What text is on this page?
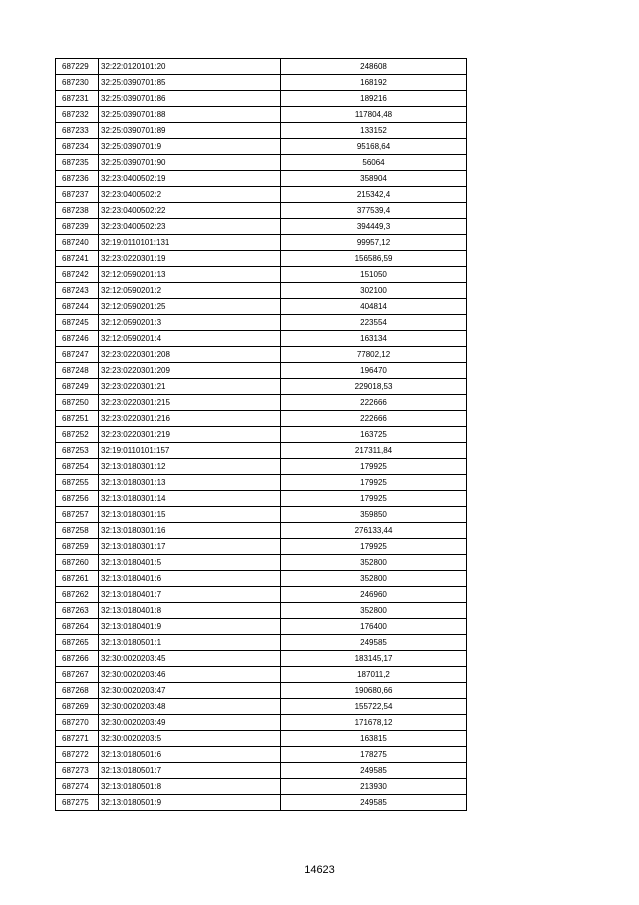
687229	32:22:0120101:20	248608
687230	32:25:0390701:85	168192
687231	32:25:0390701:86	189216
687232	32:25:0390701:88	117804,48
687233	32:25:0390701:89	133152
687234	32:25:0390701:9	95168,64
687235	32:25:0390701:90	56064
687236	32:23:0400502:19	358904
687237	32:23:0400502:2	215342,4
687238	32:23:0400502:22	377539,4
687239	32:23:0400502:23	394449,3
687240	32:19:0110101:131	99957,12
687241	32:23:0220301:19	156586,59
687242	32:12:0590201:13	151050
687243	32:12:0590201:2	302100
687244	32:12:0590201:25	404814
687245	32:12:0590201:3	223554
687246	32:12:0590201:4	163134
687247	32:23:0220301:208	77802,12
687248	32:23:0220301:209	196470
687249	32:23:0220301:21	229018,53
687250	32:23:0220301:215	222666
687251	32:23:0220301:216	222666
687252	32:23:0220301:219	163725
687253	32:19:0110101:157	217311,84
687254	32:13:0180301:12	179925
687255	32:13:0180301:13	179925
687256	32:13:0180301:14	179925
687257	32:13:0180301:15	359850
687258	32:13:0180301:16	276133,44
687259	32:13:0180301:17	179925
687260	32:13:0180401:5	352800
687261	32:13:0180401:6	352800
687262	32:13:0180401:7	246960
687263	32:13:0180401:8	352800
687264	32:13:0180401:9	176400
687265	32:13:0180501:1	249585
687266	32:30:0020203:45	183145,17
687267	32:30:0020203:46	187011,2
687268	32:30:0020203:47	190680,66
687269	32:30:0020203:48	155722,54
687270	32:30:0020203:49	171678,12
687271	32:30:0020203:5	163815
687272	32:13:0180501:6	178275
687273	32:13:0180501:7	249585
687274	32:13:0180501:8	213930
687275	32:13:0180501:9	249585
14623
